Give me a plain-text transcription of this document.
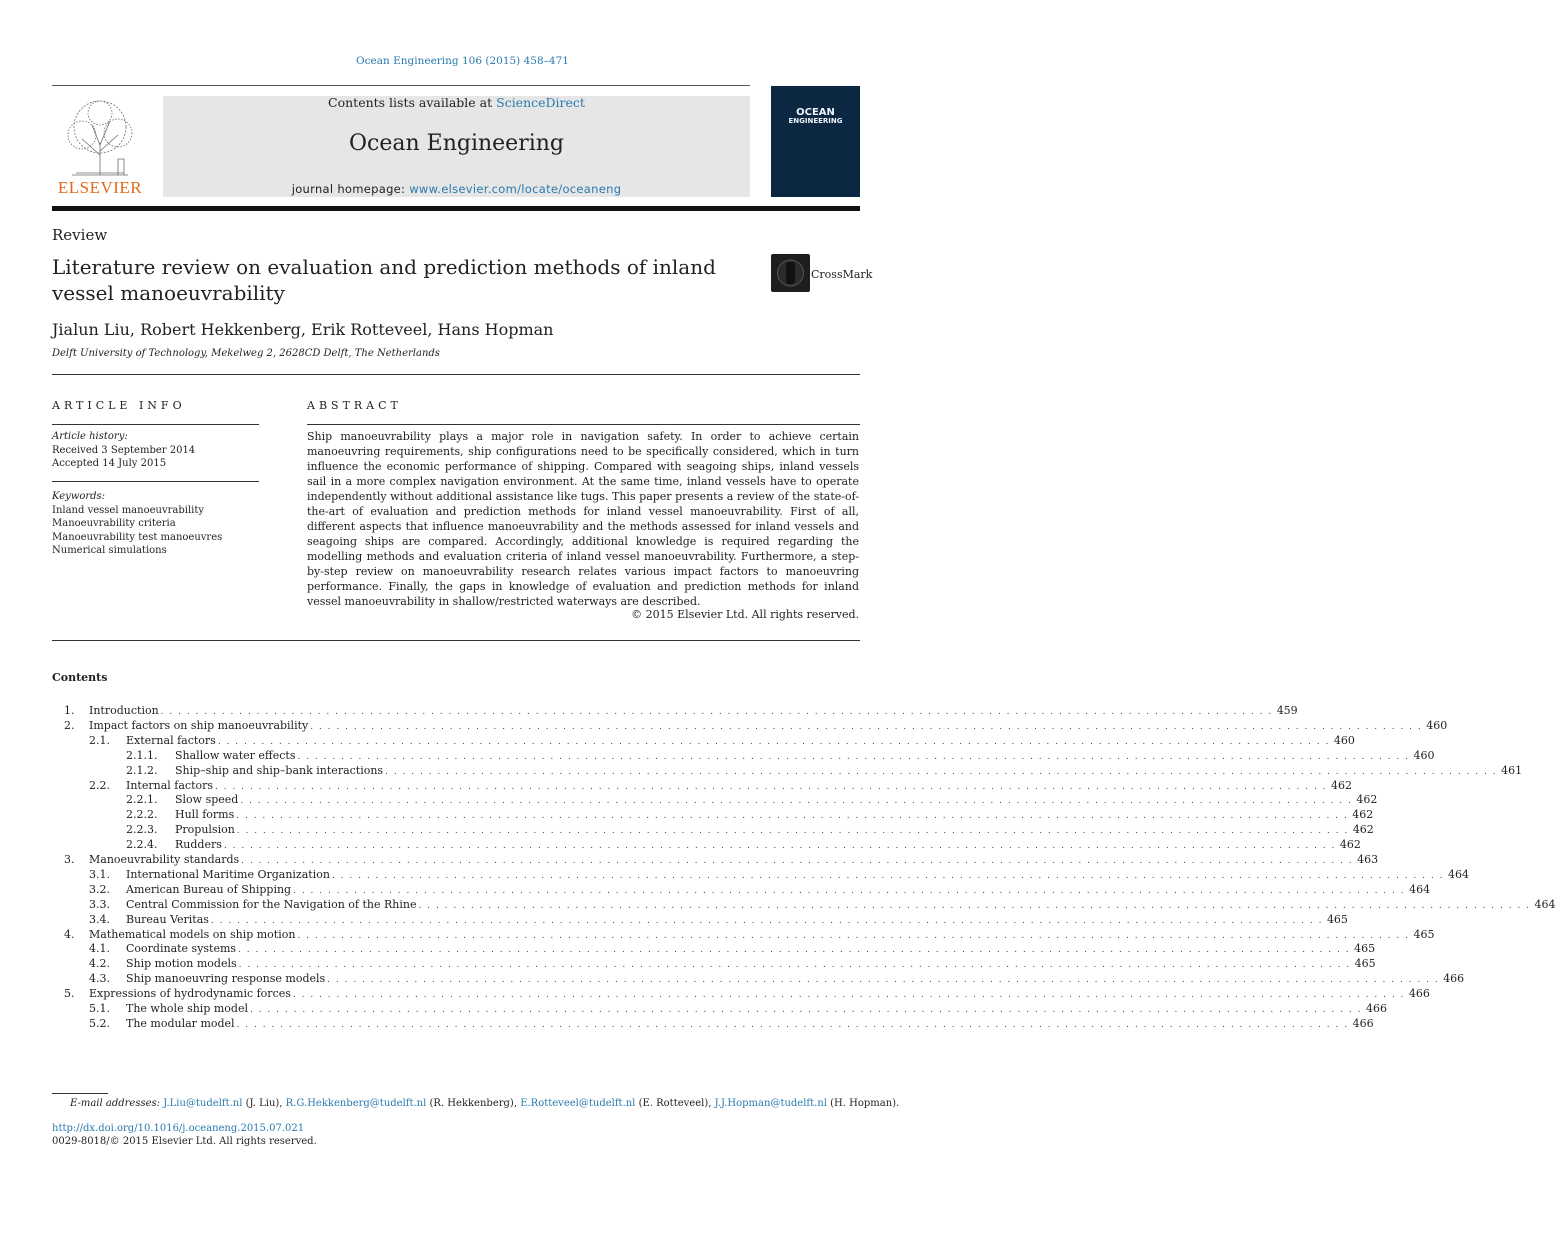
Ocean Engineering 106 (2015) 458–471
ELSEVIER
Contents lists available at ScienceDirect
Ocean Engineering
journal homepage: www.elsevier.com/locate/oceaneng
OCEAN
ENGINEERING
Review
Literature review on evaluation and prediction methods of inland vessel manoeuvrability
CrossMark
Jialun Liu, Robert Hekkenberg, Erik Rotteveel, Hans Hopman
Delft University of Technology, Mekelweg 2, 2628CD Delft, The Netherlands
ARTICLE INFO
Article history:
Received 3 September 2014
Accepted 14 July 2015
Keywords:
Inland vessel manoeuvrability
Manoeuvrability criteria
Manoeuvrability test manoeuvres
Numerical simulations
ABSTRACT
Ship manoeuvrability plays a major role in navigation safety. In order to achieve certain manoeuvring requirements, ship configurations need to be specifically considered, which in turn influence the economic performance of shipping. Compared with seagoing ships, inland vessels sail in a more complex navigation environment. At the same time, inland vessels have to operate independently without additional assistance like tugs. This paper presents a review of the state-of-the-art of evaluation and prediction methods for inland vessel manoeuvrability. First of all, different aspects that influence manoeuvrability and the methods assessed for inland vessels and seagoing ships are compared. Accordingly, additional knowledge is required regarding the modelling methods and evaluation criteria of inland vessel manoeuvrability. Furthermore, a step-by-step review on manoeuvrability research relates various impact factors to manoeuvring performance. Finally, the gaps in knowledge of evaluation and prediction methods for inland vessel manoeuvrability in shallow/restricted waterways are described.
© 2015 Elsevier Ltd. All rights reserved.
Contents
1.	Introduction . . . . . . . . . . . . . . . . . . . . . . . . . . . . . . . . . . . . . . . . . . . . . . . . . . . . . . . . . . . . . . . . . . . . . . . . . . . . . . . . . . . . . . . . . . . . . . . . . . . . . . . . . . . . . . . . . . . . . . . . . . . . . . . . 459
2.	Impact factors on ship manoeuvrability . . . . . . . . . . . . . . . . . . . . . . . . . . . . . . . . . . . . . . . . . . . . . . . . . . . . . . . . . . . . . . . . . . . . . . . . . . . . . . . . . . . . . . . . . . . . . . . . . . . . . . . . . . . . . . . . . . . . . . . . . . . . . . . . 460
2.1.	External factors . . . . . . . . . . . . . . . . . . . . . . . . . . . . . . . . . . . . . . . . . . . . . . . . . . . . . . . . . . . . . . . . . . . . . . . . . . . . . . . . . . . . . . . . . . . . . . . . . . . . . . . . . . . . . . . . . . . . . . . . . . . . . . . . 460
2.1.1.	Shallow water effects . . . . . . . . . . . . . . . . . . . . . . . . . . . . . . . . . . . . . . . . . . . . . . . . . . . . . . . . . . . . . . . . . . . . . . . . . . . . . . . . . . . . . . . . . . . . . . . . . . . . . . . . . . . . . . . . . . . . . . . . . . . . . . . . 460
2.1.2.	Ship–ship and ship–bank interactions . . . . . . . . . . . . . . . . . . . . . . . . . . . . . . . . . . . . . . . . . . . . . . . . . . . . . . . . . . . . . . . . . . . . . . . . . . . . . . . . . . . . . . . . . . . . . . . . . . . . . . . . . . . . . . . . . . . . . . . . . . . . . . . . 461
2.2.	Internal factors . . . . . . . . . . . . . . . . . . . . . . . . . . . . . . . . . . . . . . . . . . . . . . . . . . . . . . . . . . . . . . . . . . . . . . . . . . . . . . . . . . . . . . . . . . . . . . . . . . . . . . . . . . . . . . . . . . . . . . . . . . . . . . . . 462
2.2.1.	Slow speed . . . . . . . . . . . . . . . . . . . . . . . . . . . . . . . . . . . . . . . . . . . . . . . . . . . . . . . . . . . . . . . . . . . . . . . . . . . . . . . . . . . . . . . . . . . . . . . . . . . . . . . . . . . . . . . . . . . . . . . . . . . . . . . . 462
2.2.2.	Hull forms . . . . . . . . . . . . . . . . . . . . . . . . . . . . . . . . . . . . . . . . . . . . . . . . . . . . . . . . . . . . . . . . . . . . . . . . . . . . . . . . . . . . . . . . . . . . . . . . . . . . . . . . . . . . . . . . . . . . . . . . . . . . . . . . 462
2.2.3.	Propulsion . . . . . . . . . . . . . . . . . . . . . . . . . . . . . . . . . . . . . . . . . . . . . . . . . . . . . . . . . . . . . . . . . . . . . . . . . . . . . . . . . . . . . . . . . . . . . . . . . . . . . . . . . . . . . . . . . . . . . . . . . . . . . . . . 462
2.2.4.	Rudders . . . . . . . . . . . . . . . . . . . . . . . . . . . . . . . . . . . . . . . . . . . . . . . . . . . . . . . . . . . . . . . . . . . . . . . . . . . . . . . . . . . . . . . . . . . . . . . . . . . . . . . . . . . . . . . . . . . . . . . . . . . . . . . . 462
3.	Manoeuvrability standards . . . . . . . . . . . . . . . . . . . . . . . . . . . . . . . . . . . . . . . . . . . . . . . . . . . . . . . . . . . . . . . . . . . . . . . . . . . . . . . . . . . . . . . . . . . . . . . . . . . . . . . . . . . . . . . . . . . . . . . . . . . . . . . . 463
3.1.	International Maritime Organization . . . . . . . . . . . . . . . . . . . . . . . . . . . . . . . . . . . . . . . . . . . . . . . . . . . . . . . . . . . . . . . . . . . . . . . . . . . . . . . . . . . . . . . . . . . . . . . . . . . . . . . . . . . . . . . . . . . . . . . . . . . . . . . . 464
3.2.	American Bureau of Shipping . . . . . . . . . . . . . . . . . . . . . . . . . . . . . . . . . . . . . . . . . . . . . . . . . . . . . . . . . . . . . . . . . . . . . . . . . . . . . . . . . . . . . . . . . . . . . . . . . . . . . . . . . . . . . . . . . . . . . . . . . . . . . . . . 464
3.3.	Central Commission for the Navigation of the Rhine . . . . . . . . . . . . . . . . . . . . . . . . . . . . . . . . . . . . . . . . . . . . . . . . . . . . . . . . . . . . . . . . . . . . . . . . . . . . . . . . . . . . . . . . . . . . . . . . . . . . . . . . . . . . . . . . . . . . . . . . . . . . . . . . 464
3.4.	Bureau Veritas . . . . . . . . . . . . . . . . . . . . . . . . . . . . . . . . . . . . . . . . . . . . . . . . . . . . . . . . . . . . . . . . . . . . . . . . . . . . . . . . . . . . . . . . . . . . . . . . . . . . . . . . . . . . . . . . . . . . . . . . . . . . . . . . 465
4.	Mathematical models on ship motion . . . . . . . . . . . . . . . . . . . . . . . . . . . . . . . . . . . . . . . . . . . . . . . . . . . . . . . . . . . . . . . . . . . . . . . . . . . . . . . . . . . . . . . . . . . . . . . . . . . . . . . . . . . . . . . . . . . . . . . . . . . . . . . . 465
4.1.	Coordinate systems . . . . . . . . . . . . . . . . . . . . . . . . . . . . . . . . . . . . . . . . . . . . . . . . . . . . . . . . . . . . . . . . . . . . . . . . . . . . . . . . . . . . . . . . . . . . . . . . . . . . . . . . . . . . . . . . . . . . . . . . . . . . . . . . 465
4.2.	Ship motion models . . . . . . . . . . . . . . . . . . . . . . . . . . . . . . . . . . . . . . . . . . . . . . . . . . . . . . . . . . . . . . . . . . . . . . . . . . . . . . . . . . . . . . . . . . . . . . . . . . . . . . . . . . . . . . . . . . . . . . . . . . . . . . . . 465
4.3.	Ship manoeuvring response models . . . . . . . . . . . . . . . . . . . . . . . . . . . . . . . . . . . . . . . . . . . . . . . . . . . . . . . . . . . . . . . . . . . . . . . . . . . . . . . . . . . . . . . . . . . . . . . . . . . . . . . . . . . . . . . . . . . . . . . . . . . . . . . . 466
5.	Expressions of hydrodynamic forces . . . . . . . . . . . . . . . . . . . . . . . . . . . . . . . . . . . . . . . . . . . . . . . . . . . . . . . . . . . . . . . . . . . . . . . . . . . . . . . . . . . . . . . . . . . . . . . . . . . . . . . . . . . . . . . . . . . . . . . . . . . . . . . . 466
5.1.	The whole ship model . . . . . . . . . . . . . . . . . . . . . . . . . . . . . . . . . . . . . . . . . . . . . . . . . . . . . . . . . . . . . . . . . . . . . . . . . . . . . . . . . . . . . . . . . . . . . . . . . . . . . . . . . . . . . . . . . . . . . . . . . . . . . . . . 466
5.2.	The modular model . . . . . . . . . . . . . . . . . . . . . . . . . . . . . . . . . . . . . . . . . . . . . . . . . . . . . . . . . . . . . . . . . . . . . . . . . . . . . . . . . . . . . . . . . . . . . . . . . . . . . . . . . . . . . . . . . . . . . . . . . . . . . . . . 466
E-mail addresses: J.Liu@tudelft.nl (J. Liu), R.G.Hekkenberg@tudelft.nl (R. Hekkenberg), E.Rotteveel@tudelft.nl (E. Rotteveel), J.J.Hopman@tudelft.nl (H. Hopman).
http://dx.doi.org/10.1016/j.oceaneng.2015.07.021
0029-8018/© 2015 Elsevier Ltd. All rights reserved.
